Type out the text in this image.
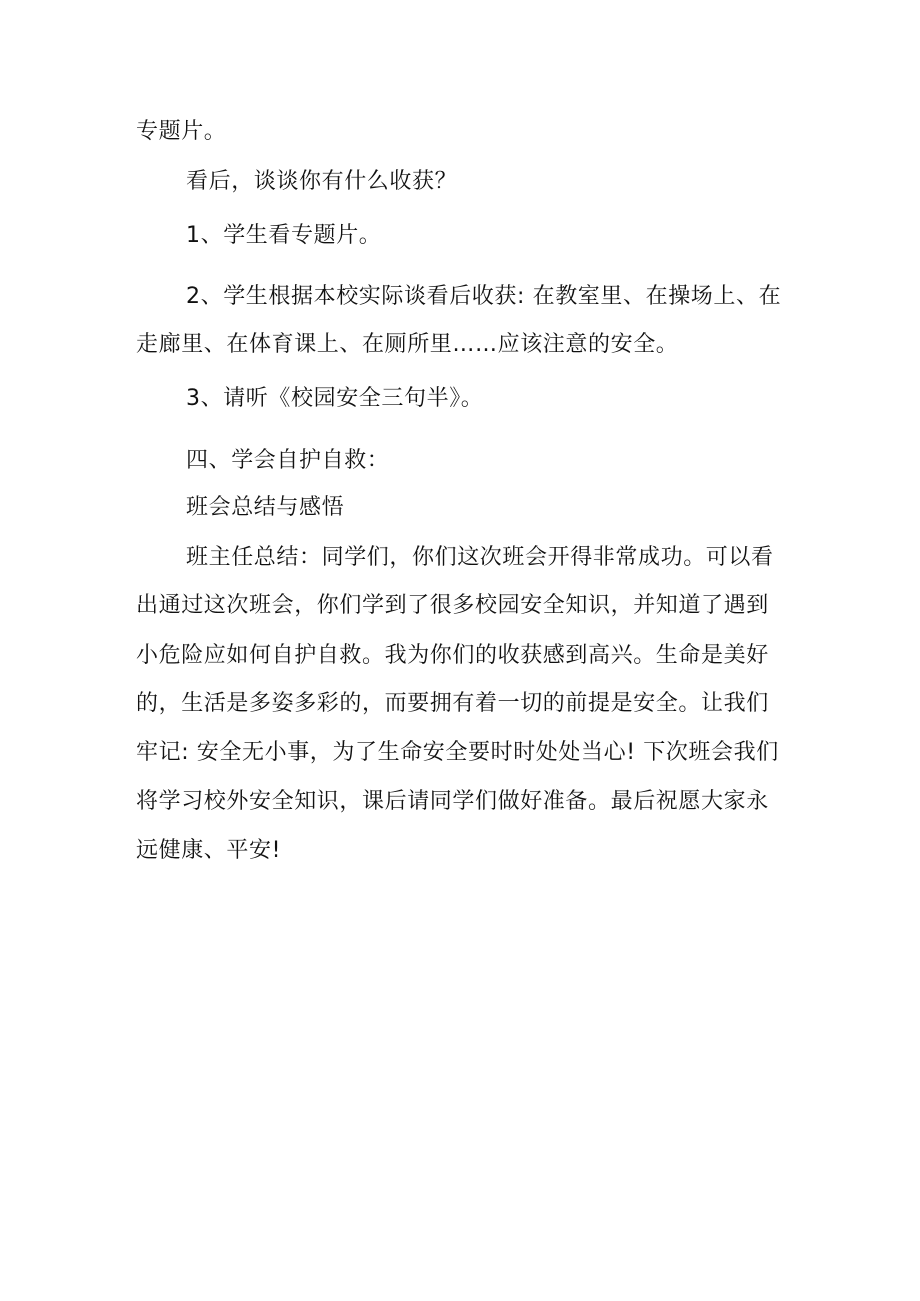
专题片。
看后，谈谈你有什么收获？
1、学生看专题片。
2、学生根据本校实际谈看后收获: 在教室里、在操场上、在
走廊里、在体育课上、在厕所里……应该注意的安全。
3、请听《校园安全三句半》。
四、学会自护自救：
班会总结与感悟
班主任总结：同学们，你们这次班会开得非常成功。可以看
出通过这次班会，你们学到了很多校园安全知识，并知道了遇到
小危险应如何自护自救。我为你们的收获感到高兴。生命是美好
的，生活是多姿多彩的，而要拥有着一切的前提是安全。让我们
牢记: 安全无小事，为了生命安全要时时处处当心! 下次班会我们
将学习校外安全知识，课后请同学们做好准备。最后祝愿大家永
远健康、平安!
